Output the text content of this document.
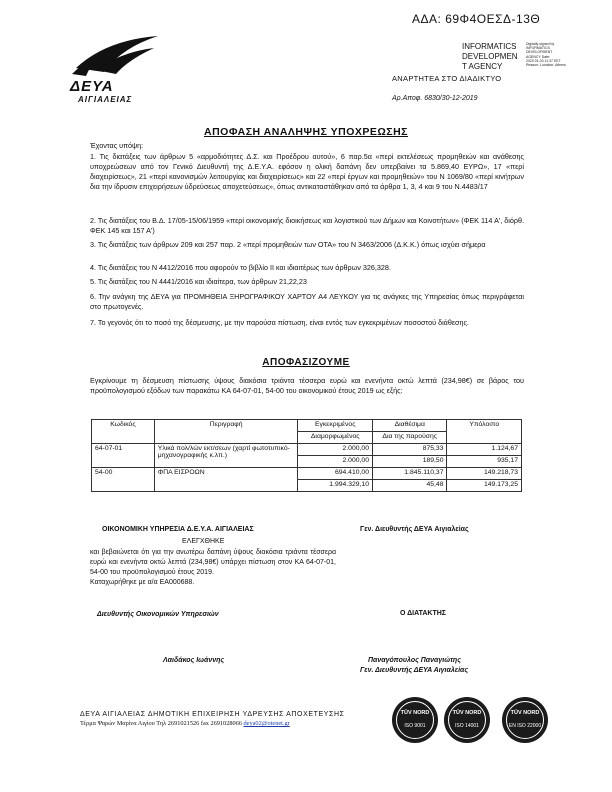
ΑΔΑ: 69Φ4ΟΕΣΔ-13Θ
ΔΕΥΑ
ΑΙΓΙΑΛΕΙΑΣ
INFORMATICS
DEVELOPMEN
T AGENCY
Digitally signed by INFORMATICS DEVELOPMENT AGENCY Date: 2020.01.03 11:37 EET Reason: Location: Athens
ΑΝΑΡΤΗΤΕΑ ΣΤΟ ΔΙΑΔΙΚΤΥΟ
Αρ.Αποφ. 6830/30-12-2019
ΑΠΟΦΑΣΗ ΑΝΑΛΗΨΗΣ ΥΠΟΧΡΕΩΣΗΣ
Έχοντας υπόψη:
1. Τις διατάξεις των άρθρων 5 «αρμοδιότητες Δ.Σ. και Προέδρου αυτού», 6 παρ.5α «περί εκτελέσεως προμηθειών και ανάθεσης υποχρεώσεων από τον Γενικό Διευθυντή της Δ.Ε.Υ.Α. εφόσον η ολική δαπάνη δεν υπερβαίνει τα 5.869,40 ΕΥΡΩ», 17 «περί διαχειρίσεως», 21 «περί κανονισμών λειτουργίας και διαχειρίσεως» και 22 «περί έργων και προμηθειών» του Ν 1069/80 «περί κινήτρων δια την ίδρυσιν επιχειρήσεων ύδρεύσεως αποχετεύσεως», όπως αντικαταστάθηκαν από τα άρθρα 1, 3, 4 και 9 του Ν.4483/17
2. Τις διατάξεις του Β.Δ. 17/05-15/06/1959 «περί οικονομικής διοικήσεως και λογιστικού των Δήμων και Κοινοτήτων» (ΦΕΚ 114 Α', διόρθ. ΦΕΚ 145 και 157 Α')
3. Τις διατάξεις των άρθρων 209 και 257 παρ. 2 «περί προμηθειών των ΟΤΑ» του Ν 3463/2006 (Δ.Κ.Κ.) όπως ισχύει σήμερα
4. Τις διατάξεις του Ν 4412/2016 που αφορούν το βιβλίο ΙΙ και ιδιαιτέρως των άρθρων 326,328.
5. Τις διατάξεις του Ν 4441/2016 και ιδιαίτερα, των άρθρων 21,22,23
6. Την ανάγκη της ΔΕΥΑ για ΠΡΟΜΗΘΕΙΑ ΞΗΡΟΓΡΑΦΙΚΟΥ ΧΑΡΤΟΥ Α4 ΛΕΥΚΟΥ για τις ανάγκες της Υπηρεσίας όπως περιγράφεται στο πρωτογενές.
7. Το γεγονός ότι το ποσό της δέσμευσης, με την παρούσα πίστωση, είναι εντός των εγκεκριμένων ποσοστού διάθεσης.
ΑΠΟΦΑΣΙΖΟΥΜΕ
Εγκρίνουμε τη δέσμευση πίστωσης ύψους διακόσια τριάντα τέσσερα ευρώ και ενενήντα οκτώ λεπτά (234,98€) σε βάρος του προϋπολογισμού εξόδων των παρακάτω ΚΑ 64-07-01, 54-00 του οικονομικού έτους 2019 ως εξής:
Κωδικός	Περιγραφή	Εγκεκριμένος	Διαθέσιμα	Υπόλοιπο
		Διαμορφωμένος	Δια της παρούσης	
64-07-01	Υλικά πολ/λών εκτ/σεων (χαρτί φωτοτυπικό- μηχανογραφικής κ.λπ.)	2.000,00	875,33	1.124,67
		2.000,00	189,50	935,17
54-00	ΦΠΑ ΕΙΣΡΟΩΝ	694.410,00	1.845.110,37	149.218,73
		1.994.329,10	45,48	149.173,25
ΟΙΚΟΝΟΜΙΚΗ ΥΠΗΡΕΣΙΑ Δ.Ε.Υ.Α. ΑΙΓΙΑΛΕΙΑΣ
ΕΛΕΓΧΘΗΚΕ
και βεβαιώνεται ότι για την ανωτέρω δαπάνη ύψους διακόσια τριάντα τέσσερα ευρώ και ενενήντα οκτώ λεπτά (234,98€) υπάρχει πίστωση στον ΚΑ 64-07-01, 54-00 του προϋπολογισμού έτους 2019.
Καταχωρήθηκε με α/α ΕΑ000688.
Γεν. Διευθυντής ΔΕΥΑ Αιγιαλείας
Διευθυντής Οικονομικών Υπηρεσιών	Ο ΔΙΑΤΑΚΤΗΣ
Λαιδάκος Ιωάννης	Παναγόπουλος Παναγιώτης
Γεν. Διευθυντής ΔΕΥΑ Αιγιαλείας
ΔΕΥΑ ΑΙΓΙΑΛΕΙΑΣ ΔΗΜΟΤΙΚΗ ΕΠΙΧΕΙΡΗΣΗ ΥΔΡΕΥΣΗΣ ΑΠΟΧΕΤΕΥΣΗΣ
Τέρμα Ψαρών Μαρίνα Αιγίου Τηλ 2691021526 fax 2691028066 deya02@otenet.gr
TÜV NORD
ISO 9001
TÜV NORD
ISO 14001
TÜV NORD
EN ISO 22000
